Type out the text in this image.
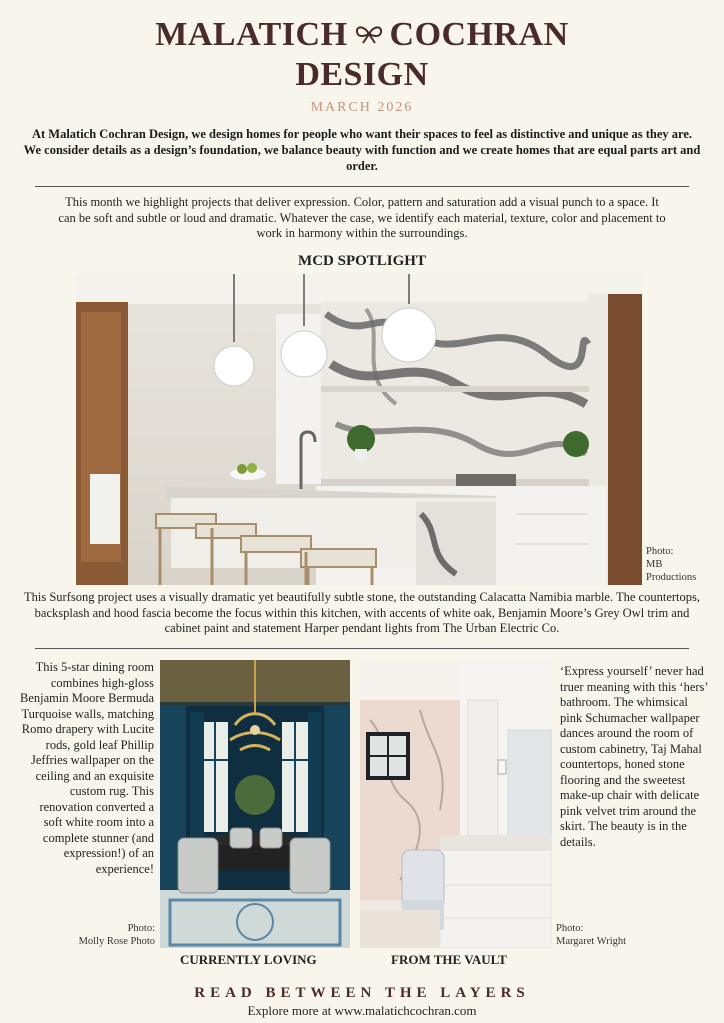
MALATICH COCHRAN
DESIGN
MARCH 2026
At Malatich Cochran Design, we design homes for people who want their spaces to feel as distinctive and unique as they are. We consider details as a design’s foundation, we balance beauty with function and we create homes that are equal parts art and order.
This month we highlight projects that deliver expression. Color, pattern and saturation add a visual punch to a space. It can be soft and subtle or loud and dramatic. Whatever the case, we identify each material, texture, color and placement to work in harmony within the surroundings.
MCD SPOTLIGHT
Photo:
MB
Productions
This Surfsong project uses a visually dramatic yet beautifully subtle stone, the outstanding Calacatta Namibia marble. The countertops, backsplash and hood fascia become the focus within this kitchen, with accents of white oak, Benjamin Moore’s Grey Owl trim and cabinet paint and statement Harper pendant lights from The Urban Electric Co.
This 5-star dining room combines high-gloss Benjamin Moore Bermuda Turquoise walls, matching Romo drapery with Lucite rods, gold leaf Phillip Jeffries wallpaper on the ceiling and an exquisite custom rug. This renovation converted a soft white room into a complete stunner (and expression!) of an experience!
Photo:
Molly Rose Photo
‘Express yourself’ never had truer meaning with this ‘hers’ bathroom. The whimsical pink Schumacher wallpaper dances around the room of custom cabinetry, Taj Mahal countertops, honed stone flooring and the sweetest make-up chair with delicate pink velvet trim around the skirt. The beauty is in the details.
Photo:
Margaret Wright
CURRENTLY LOVING	FROM THE VAULT
READ BETWEEN THE LAYERS
Explore more at www.malatichcochran.com
